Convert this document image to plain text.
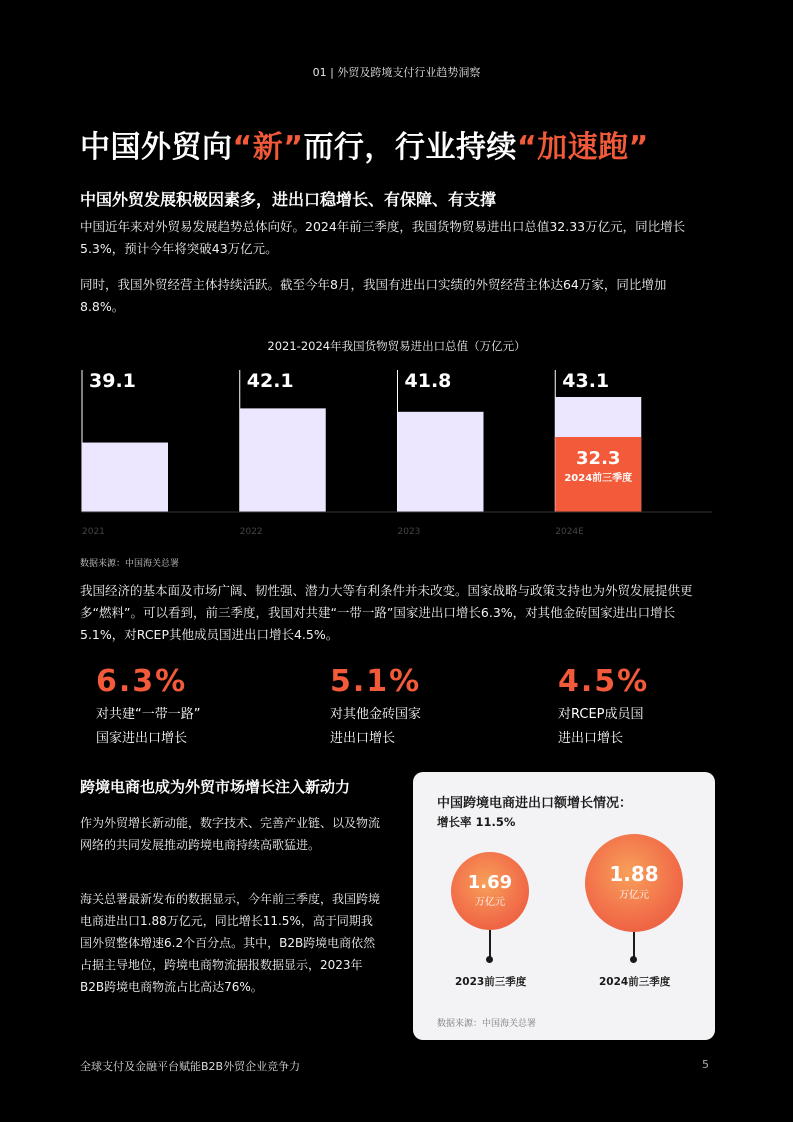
01 | 外贸及跨境支付行业趋势洞察
中国外贸向“新”而行，行业持续“加速跑”
中国外贸发展积极因素多，进出口稳增长、有保障、有支撑
中国近年来对外贸易发展趋势总体向好。2024年前三季度，我国货物贸易进出口总值32.33万亿元，同比增长5.3%，预计今年将突破43万亿元。
同时，我国外贸经营主体持续活跃。截至今年8月，我国有进出口实绩的外贸经营主体达64万家，同比增加8.8%。
2021-2024年我国货物贸易进出口总值（万亿元）
39.1
2021
42.1
2022
41.8
2023
43.1
2024E
32.3
2024前三季度
数据来源：中国海关总署
我国经济的基本面及市场广阔、韧性强、潜力大等有利条件并未改变。国家战略与政策支持也为外贸发展提供更多“燃料”。可以看到，前三季度，我国对共建“一带一路”国家进出口增长6.3%，对其他金砖国家进出口增长5.1%，对RCEP其他成员国进出口增长4.5%。
6.3%
对共建“一带一路”
国家进出口增长
5.1%
对其他金砖国家
进出口增长
4.5%
对RCEP成员国
进出口增长
跨境电商也成为外贸市场增长注入新动力
作为外贸增长新动能，数字技术、完善产业链、以及物流网络的共同发展推动跨境电商持续高歌猛进。
海关总署最新发布的数据显示，今年前三季度，我国跨境电商进出口1.88万亿元，同比增长11.5%，高于同期我国外贸整体增速6.2个百分点。其中，B2B跨境电商依然占据主导地位，跨境电商物流据报数据显示，2023年B2B跨境电商物流占比高达76%。
中国跨境电商进出口额增长情况：
增长率 11.5%
1.69
万亿元
2023前三季度
1.88
万亿元
2024前三季度
数据来源：中国海关总署
全球支付及金融平台赋能B2B外贸企业竞争力	5
